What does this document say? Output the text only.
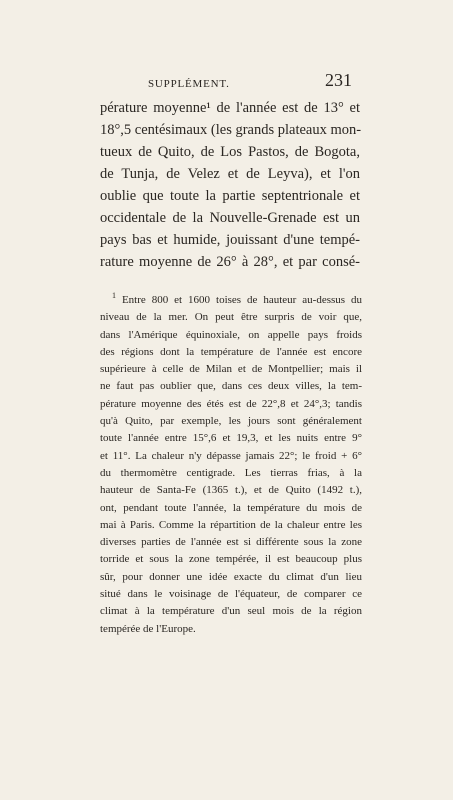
SUPPLÉMENT.	231
pérature moyenne¹ de l'année est de 13° et
18°,5 centésimaux (les grands plateaux mon-
tueux de Quito, de Los Pastos, de Bogota,
de Tunja, de Velez et de Leyva), et l'on
oublie que toute la partie septentrionale et
occidentale de la Nouvelle-Grenade est un
pays bas et humide, jouissant d'une tempé-
rature moyenne de 26° à 28°, et par consé-
$^1$ Entre 800 et 1600 toises de hauteur au-dessus du
niveau de la mer. On peut être surpris de voir que,
dans l'Amérique équinoxiale, on appelle pays froids
des régions dont la température de l'année est encore
supérieure à celle de Milan et de Montpellier; mais il
ne faut pas oublier que, dans ces deux villes, la tem-
pérature moyenne des étés est de 22°,8 et 24°,3; tandis
qu'à Quito, par exemple, les jours sont généralement
toute l'année entre 15°,6 et 19,3, et les nuits entre 9°
et 11°. La chaleur n'y dépasse jamais 22°; le froid + 6°
du thermomètre centigrade. Les tierras frias, à la
hauteur de Santa-Fe (1365 t.), et de Quito (1492 t.),
ont, pendant toute l'année, la température du mois de
mai à Paris. Comme la répartition de la chaleur entre les
diverses parties de l'année est si différente sous la zone
torride et sous la zone tempérée, il est beaucoup plus
sûr, pour donner une idée exacte du climat d'un lieu
situé dans le voisinage de l'équateur, de comparer ce
climat à la température d'un seul mois de la région
tempérée de l'Europe.
